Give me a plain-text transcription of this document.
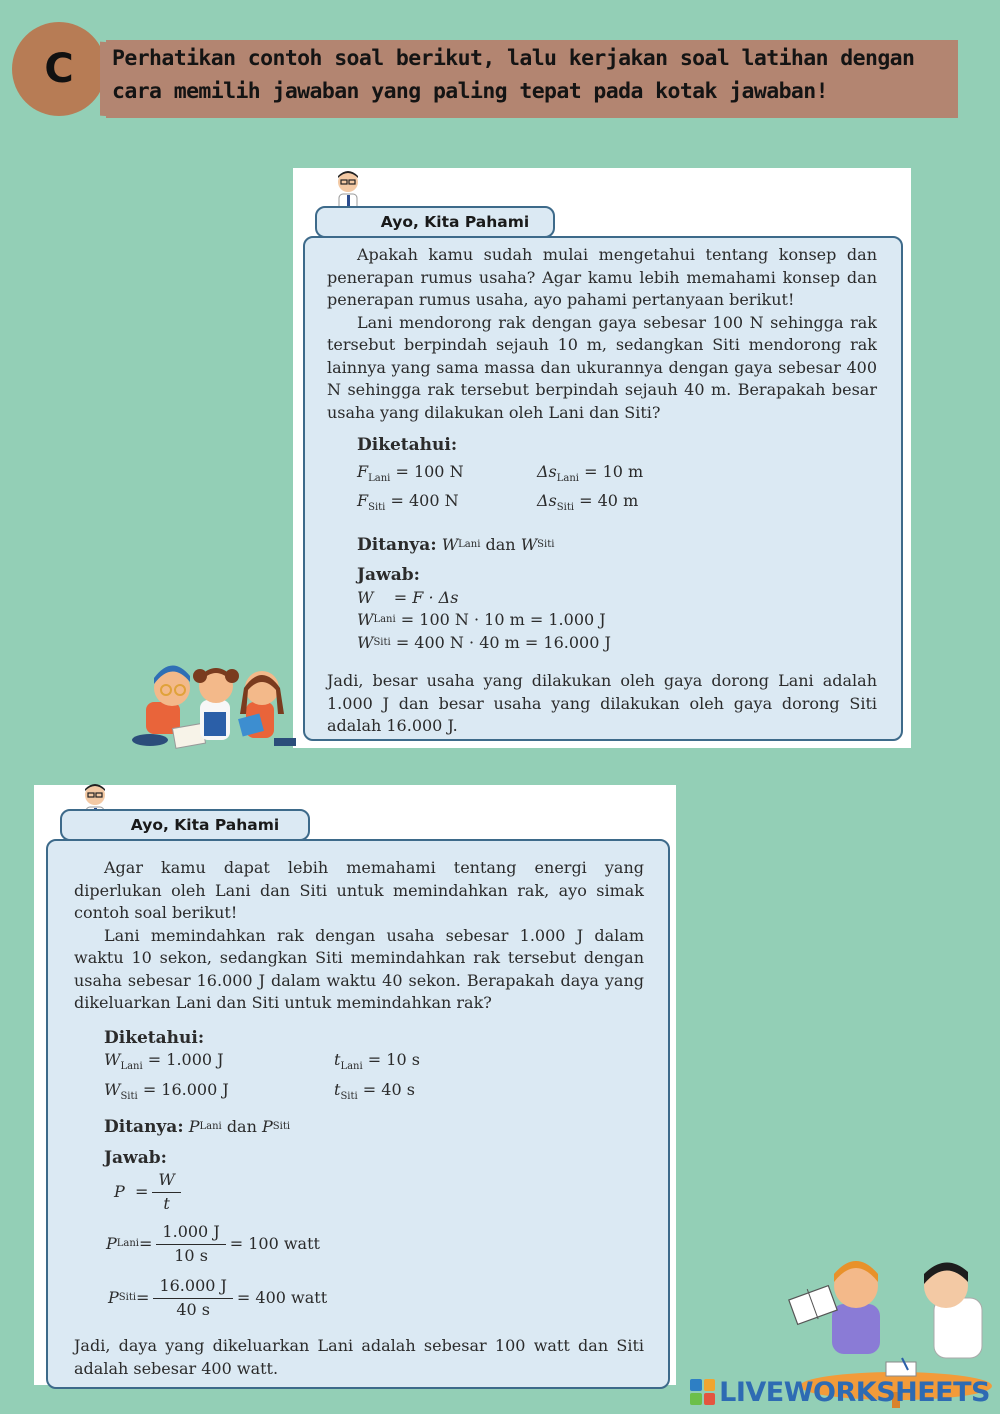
C Perhatikan contoh soal berikut, lalu kerjakan soal latihan dengan
cara memilih jawaban yang paling tepat pada kotak jawaban!
Ayo, Kita Pahami

Apakah kamu sudah mulai mengetahui tentang konsep dan penerapan rumus usaha? Agar kamu lebih memahami konsep dan penerapan rumus usaha, ayo pahami pertanyaan berikut!

Lani mendorong rak dengan gaya sebesar 100 N sehingga rak tersebut berpindah sejauh 10 m, sedangkan Siti mendorong rak lainnya yang sama massa dan ukurannya dengan gaya sebesar 400 N sehingga rak tersebut berpindah sejauh 40 m. Berapakah besar usaha yang dilakukan oleh Lani dan Siti?

Diketahui:
$F_{Lani} = 100$ N	$\Delta s_{Lani} = 10$ m
$F_{Siti} = 400$ N	$\Delta s_{Siti} = 40$ m
Ditanya:
W Lani
dan
W Siti
Jawab:
W
= F · Δs
W Lani
= 100 N · 10 m = 1.000 J
W Siti
= 400 N · 40 m = 16.000 J

Jadi, besar usaha yang dilakukan oleh gaya dorong Lani adalah 1.000 J dan besar usaha yang dilakukan oleh gaya dorong Siti adalah 16.000 J.

Ayo, Kita Pahami

Agar kamu dapat lebih memahami tentang energi yang diperlukan oleh Lani dan Siti untuk memindahkan rak, ayo simak contoh soal berikut!

Lani memindahkan rak dengan usaha sebesar 1.000 J dalam waktu 10 sekon, sedangkan Siti memindahkan rak tersebut dengan usaha sebesar 16.000 J dalam waktu 40 sekon. Berapakah daya yang dikeluarkan Lani dan Siti untuk memindahkan rak?

Diketahui:
$W_{Lani} = 1.000$ J	$t_{Lani} = 10$ s
$W_{Siti} = 16.000$ J	$t_{Siti} = 40$ s
Ditanya:
P Lani
dan
P Siti
Jawab:
P
= $\frac{W}{t}$
P Lani = $\frac{1.000 J}{10 s} = 100$ watt
P Siti = $\frac{16.000 J}{40 s} = 400$ watt

Jadi, daya yang dikeluarkan Lani adalah sebesar 100 watt dan Siti adalah sebesar 400 watt.

LIVEWORKSHEETS
